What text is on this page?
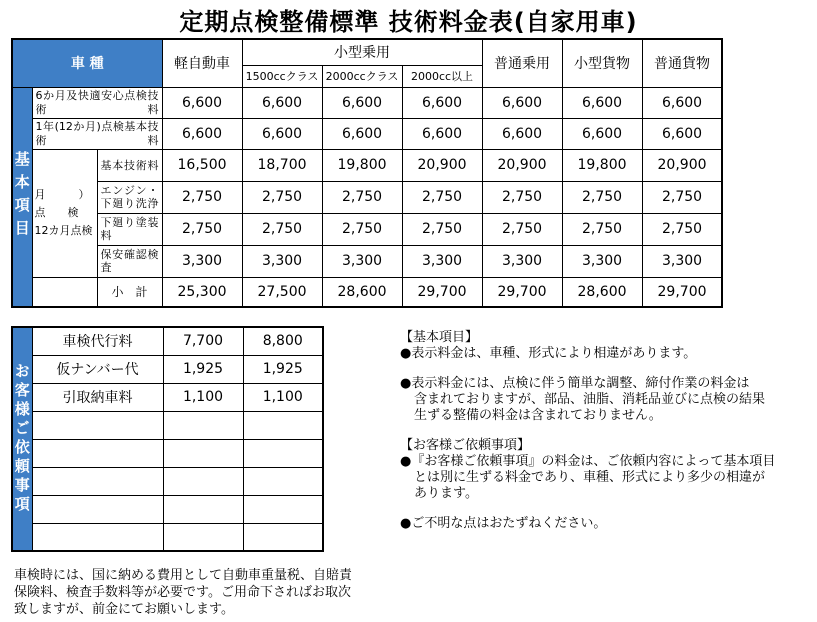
定期点検整備標準 技術料金表(自家用車)
車 種			軽自動車	小型乗用			普通乗用	小型貨物	普通貨物
				1500ccクラス	2000ccクラス	2000cc以上			
基本項目	6か月及快適安心点検技術料		6,600	6,600	6,600	6,600	6,600	6,600	6,600
	1年(12か月)点検基本技術料		6,600	6,600	6,600	6,600	6,600	6,600	6,600

	月　　　）
点　　検
12カ月点検	基本技術料	16,500	18,700	19,800	20,900	20,900	19,800	20,900
		エンジン・下廻り洗浄	2,750	2,750	2,750	2,750	2,750	2,750	2,750
		下廻り塗装料	2,750	2,750	2,750	2,750	2,750	2,750	2,750
		保安確認検査	3,300	3,300	3,300	3,300	3,300	3,300	3,300
		小　計	25,300	27,500	28,600	29,700	29,700	28,600	29,700
お客様ご依頼事項	車検代行料	7,700	8,800
	仮ナンバー代	1,925	1,925
	引取納車料	1,100	1,100

【基本項目】

●表示料金は、車種、形式により相違があります。

●表示料金には、点検に伴う簡単な調整、締付作業の料金は

含まれておりますが、部品、油脂、消耗品並びに点検の結果

生ずる整備の料金は含まれておりません。

【お客様ご依頼事項】

●『お客様ご依頼事項』の料金は、ご依頼内容によって基本項目

とは別に生ずる料金であり、車種、形式により多少の相違が

あります。

●ご不明な点はおたずねください。

車検時には、国に納める費用として自動車重量税、自賠責
保険料、検査手数料等が必要です。ご用命下さればお取次
致しますが、前金にてお願いします。
